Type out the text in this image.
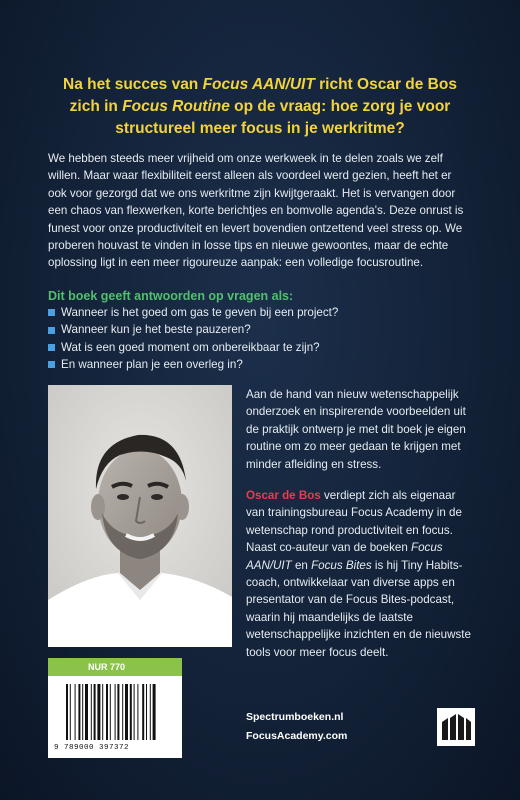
Na het succes van Focus AAN/UIT richt Oscar de Bos zich in Focus Routine op de vraag: hoe zorg je voor structureel meer focus in je werkritme?

We hebben steeds meer vrijheid om onze werkweek in te delen zoals we zelf willen. Maar waar flexibiliteit eerst alleen als voordeel werd gezien, heeft het er ook voor gezorgd dat we ons werkritme zijn kwijtgeraakt. Het is vervangen door een chaos van flexwerken, korte berichtjes en bomvolle agenda's. Deze onrust is funest voor onze productiviteit en levert bovendien ontzettend veel stress op. We proberen houvast te vinden in losse tips en nieuwe gewoontes, maar de echte oplossing ligt in een meer rigoureuze aanpak: een volledige focusroutine.

Dit boek geeft antwoorden op vragen als:

Wanneer is het goed om gas te geven bij een project?
Wanneer kun je het beste pauzeren?
Wat is een goed moment om onbereikbaar te zijn?
En wanneer plan je een overleg in?

Aan de hand van nieuw wetenschappelijk onderzoek en inspirerende voorbeelden uit de praktijk ontwerp je met dit boek je eigen routine om zo meer gedaan te krijgen met minder afleiding en stress.

Oscar de Bos verdiept zich als eigenaar van trainingsbureau Focus Academy in de wetenschap rond productiviteit en focus. Naast co-auteur van de boeken Focus AAN/UIT en Focus Bites is hij Tiny Habits-coach, ontwikkelaar van diverse apps en presentator van de Focus Bites-podcast, waarin hij maandelijks de laatste wetenschappelijke inzichten en de nieuwste tools voor meer focus deelt.

NUR 770
9 789000 397372
Spectrumboeken.nl
FocusAcademy.com
